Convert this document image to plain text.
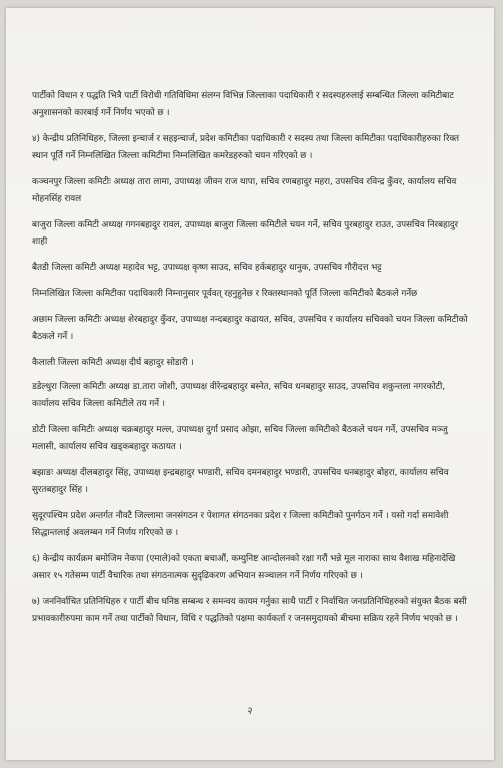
पार्टीको विधान र पद्धति भित्रै पार्टी विरोधी गतिविधिमा संलग्न विभिन्न जिल्लाका पदाधिकारी र सदस्यहरुलाई सम्बन्धित जिल्ला कमिटीबाट अनुशासनको कारबाई गर्ने निर्णय भएको छ ।

४) केन्द्रीय प्रतिनिधिहरु, जिल्ला इन्चार्ज र सहइन्चार्ज, प्रदेश कमिटीका पदाधिकारी र सदस्य तथा जिल्ला कमिटीका पदाधिकारीहरुका रिक्त स्थान पूर्ति गर्ने निम्नलिखित जिल्ला कमिटीमा निम्नलिखित कमरेडहरुको चयन गरिएको छ ।

कञ्चनपुर जिल्ला कमिटीः अध्यक्ष तारा लामा, उपाध्यक्ष जीवन राज थापा, सचिव रणबहादुर महरा, उपसचिव रविन्द्र कुँवर, कार्यालय सचिव मोहनसिंह रावल

बाजुरा जिल्ला कमिटी अध्यक्ष गगनबहादुर रावल, उपाध्यक्ष बाजुरा जिल्ला कमिटीले चयन गर्ने, सचिव पुरबहादुर राउत, उपसचिव निरबहादुर शाही

बैतडी जिल्ला कमिटी अध्यक्ष महादेव भट्ट, उपाध्यक्ष कृष्ण साउद, सचिव हर्कबहादुर धानुक, उपसचिव गौरीदत्त भट्ट

निम्नलिखित जिल्ला कमिटीका पदाधिकारी निम्नानुसार पूर्ववत् रहनुहुनेछ र रिक्तस्थानको पूर्ति जिल्ला कमिटीको बैठकले गर्नेछ

अछाम जिल्ला कमिटीः अध्यक्ष शेरबहादुर कुँवर, उपाध्यक्ष नन्दबहादुर कढायत, सचिव, उपसचिव र कार्यालय सचिवको चयन जिल्ला कमिटीको बैठकले गर्ने ।

कैलाली जिल्ला कमिटी अध्यक्ष दीर्घ बहादुर सोडारी ।

डडेल्धुरा जिल्ला कमिटीः अध्यक्ष डा.तारा जोशी, उपाध्यक्ष वीरेन्द्रबहादुर बस्नेत, सचिव धनबहादुर साउद, उपसचिव शकुन्तला नगरकोटी, कार्यालय सचिव जिल्ला कमिटीले तय गर्ने ।

डोटी जिल्ला कमिटीः अध्यक्ष चक्रबहादुर मल्ल, उपाध्यक्ष दुर्गा प्रसाद ओझा, सचिव जिल्ला कमिटीको बैठकले चयन गर्ने, उपसचिव मञ्जु मलासी, कार्यालय सचिव खड्कबहादुर कठायत ।

बझाङः अध्यक्ष दीलबहादुर सिंह, उपाध्यक्ष इन्द्रबहादुर भण्डारी, सचिव दमनबहादुर भण्डारी, उपसचिव धनबहादुर बोहरा, कार्यालय सचिव सुरतबहादुर सिंह ।

सुदूरपश्चिम प्रदेश अन्तर्गत नौवटै जिल्लामा जनसंगठन र पेशागत संगठनका प्रदेश र जिल्ला कमिटीको पुनर्गठन गर्ने । यसो गर्दा समावेशी सिद्धान्तलाई अवलम्बन गर्ने निर्णय गरिएको छ ।

६) केन्द्रीय कार्यक्रम बमोजिम नेकपा (एमाले)को एकता बचाऔं, कम्युनिष्ट आन्दोलनको रक्षा गरौं भन्ने मूल नाराका साथ वैशाख महिनादेखि असार १५ गतेसम्म पार्टी वैचारिक तथा संगठनात्मक सुदृढिकरण अभियान सञ्चालन गर्ने निर्णय गरिएको छ ।

७) जननिर्वाचित प्रतिनिधिहरु र पार्टी बीच घनिष्ठ सम्बन्ध र समन्वय कायम गर्नुका साथै पार्टी र निर्वाचित जनप्रतिनिधिहरुको संयुक्त बैठक बसी प्रभावकारीरुपमा काम गर्ने तथा पार्टीको विधान, विधि र पद्धतिको पक्षमा कार्यकर्ता र जनसमुदायको बीचमा सक्रिय रहने निर्णय भएको छ ।

२
